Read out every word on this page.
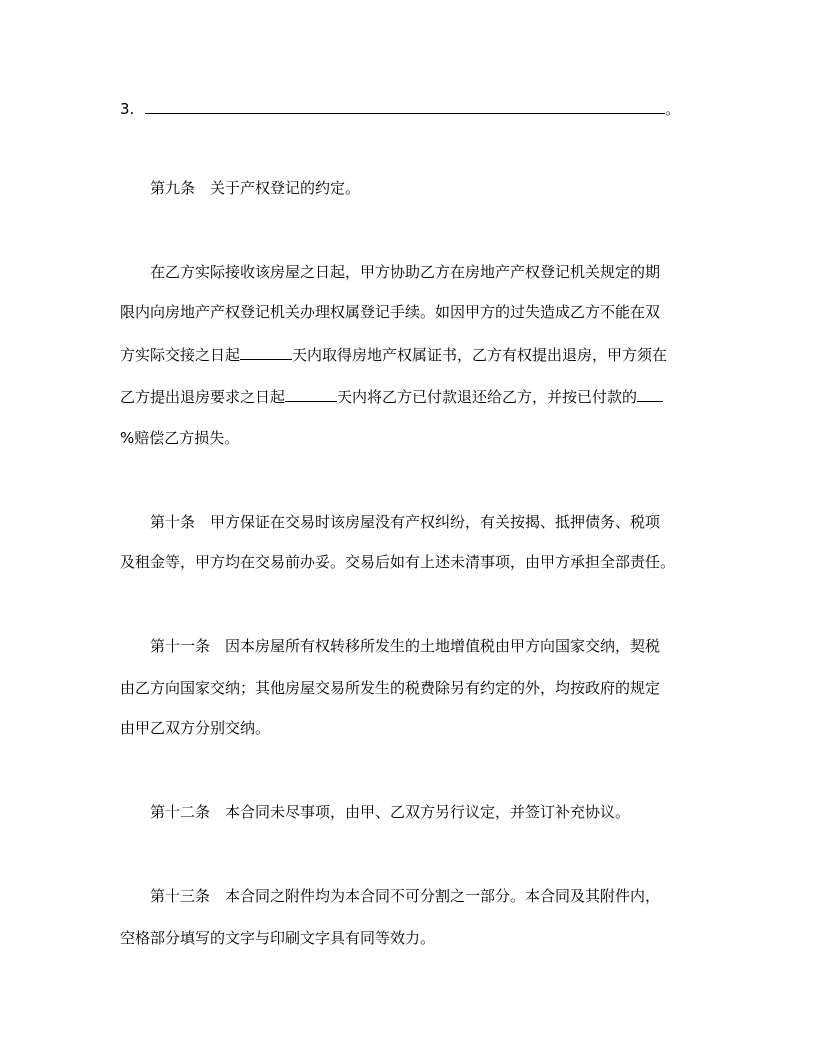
3.	。
第九条　关于产权登记的约定。
在乙方实际接收该房屋之日起，甲方协助乙方在房地产产权登记机关规定的期
限内向房地产产权登记机关办理权属登记手续。如因甲方的过失造成乙方不能在双
方实际交接之日起	天内取得房地产权属证书，乙方有权提出退房，甲方须在
乙方提出退房要求之日起	天内将乙方已付款退还给乙方，并按已付款的
%赔偿乙方损失。
第十条　甲方保证在交易时该房屋没有产权纠纷，有关按揭、抵押债务、税项
及租金等，甲方均在交易前办妥。交易后如有上述未清事项，由甲方承担全部责任。
第十一条　因本房屋所有权转移所发生的土地增值税由甲方向国家交纳，契税
由乙方向国家交纳；其他房屋交易所发生的税费除另有约定的外，均按政府的规定
由甲乙双方分别交纳。
第十二条　本合同未尽事项，由甲、乙双方另行议定，并签订补充协议。
第十三条　本合同之附件均为本合同不可分割之一部分。本合同及其附件内，
空格部分填写的文字与印刷文字具有同等效力。
